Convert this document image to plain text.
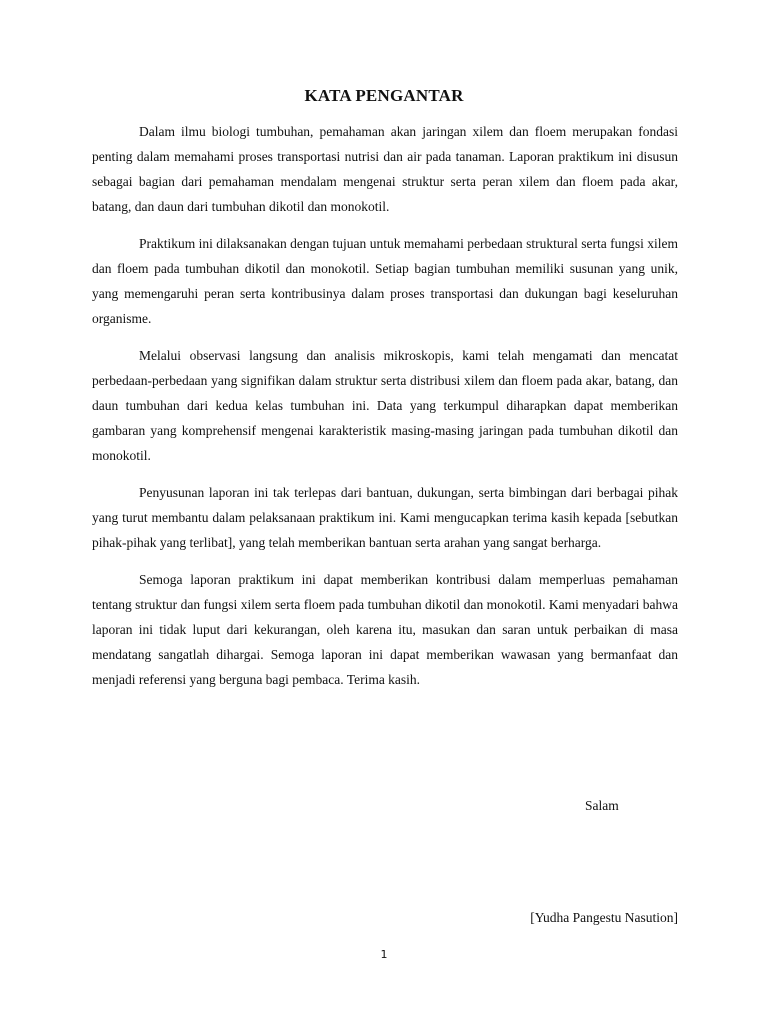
KATA PENGANTAR

Dalam ilmu biologi tumbuhan, pemahaman akan jaringan xilem dan floem merupakan fondasi penting dalam memahami proses transportasi nutrisi dan air pada tanaman. Laporan praktikum ini disusun sebagai bagian dari pemahaman mendalam mengenai struktur serta peran xilem dan floem pada akar, batang, dan daun dari tumbuhan dikotil dan monokotil.

Praktikum ini dilaksanakan dengan tujuan untuk memahami perbedaan struktural serta fungsi xilem dan floem pada tumbuhan dikotil dan monokotil. Setiap bagian tumbuhan memiliki susunan yang unik, yang memengaruhi peran serta kontribusinya dalam proses transportasi dan dukungan bagi keseluruhan organisme.

Melalui observasi langsung dan analisis mikroskopis, kami telah mengamati dan mencatat perbedaan-perbedaan yang signifikan dalam struktur serta distribusi xilem dan floem pada akar, batang, dan daun tumbuhan dari kedua kelas tumbuhan ini. Data yang terkumpul diharapkan dapat memberikan gambaran yang komprehensif mengenai karakteristik masing-masing jaringan pada tumbuhan dikotil dan monokotil.

Penyusunan laporan ini tak terlepas dari bantuan, dukungan, serta bimbingan dari berbagai pihak yang turut membantu dalam pelaksanaan praktikum ini. Kami mengucapkan terima kasih kepada [sebutkan pihak-pihak yang terlibat], yang telah memberikan bantuan serta arahan yang sangat berharga.

Semoga laporan praktikum ini dapat memberikan kontribusi dalam memperluas pemahaman tentang struktur dan fungsi xilem serta floem pada tumbuhan dikotil dan monokotil. Kami menyadari bahwa laporan ini tidak luput dari kekurangan, oleh karena itu, masukan dan saran untuk perbaikan di masa mendatang sangatlah dihargai. Semoga laporan ini dapat memberikan wawasan yang bermanfaat dan menjadi referensi yang berguna bagi pembaca. Terima kasih.

Salam
[Yudha Pangestu Nasution]
1
